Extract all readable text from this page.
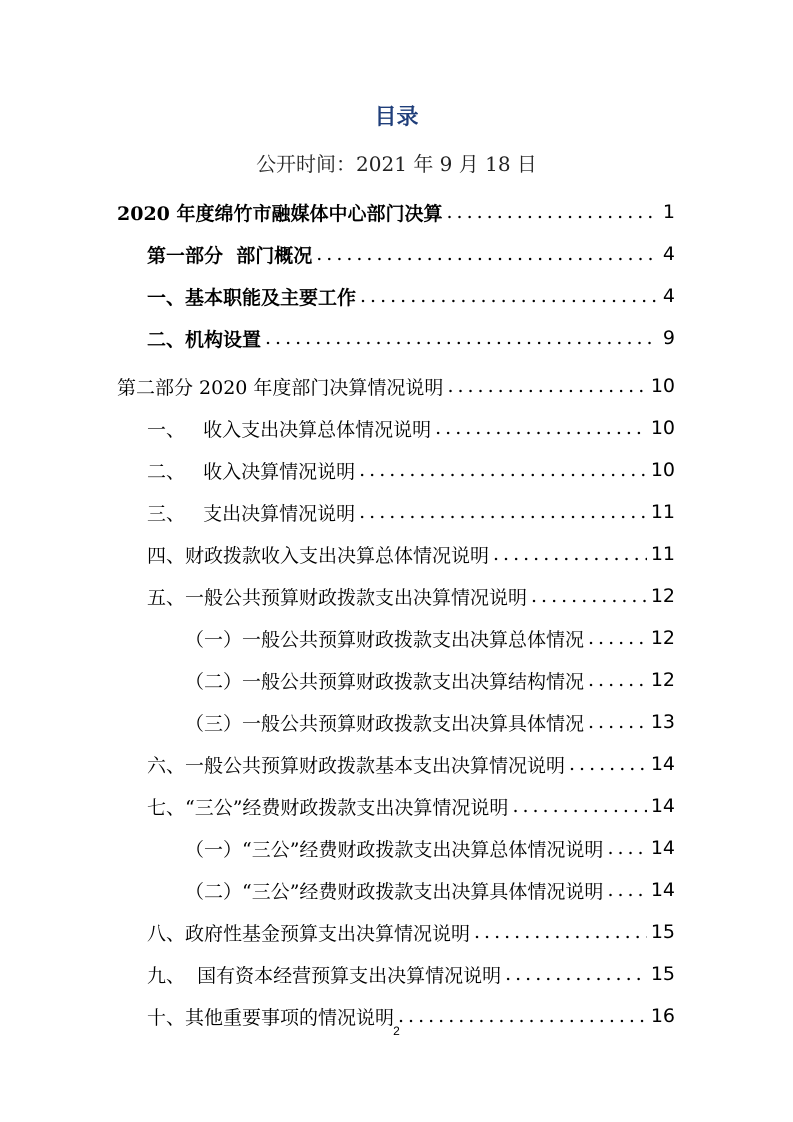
目录
公开时间：2021 年 9 月 18 日
2020 年度绵竹市融媒体中心部门决算 .....	1
第一部分  部门概况 .....	4
一、基本职能及主要工作 .....	4
二、机构设置 .....	9
第二部分 2020 年度部门决算情况说明 .....	10
一、   收入支出决算总体情况说明 .....	10
二、   收入决算情况说明 .....	10
三、   支出决算情况说明 .....	11
四、财政拨款收入支出决算总体情况说明 .....	11
五、一般公共预算财政拨款支出决算情况说明 .....	12
（一）一般公共预算财政拨款支出决算总体情况 .....	12
（二）一般公共预算财政拨款支出决算结构情况 .....	12
（三）一般公共预算财政拨款支出决算具体情况 .....	13
六、一般公共预算财政拨款基本支出决算情况说明 .....	14
七、“三公”经费财政拨款支出决算情况说明 .....	14
（一）“三公”经费财政拨款支出决算总体情况说明 ..... 14
（二）“三公”经费财政拨款支出决算具体情况说明 ..... 14
八、政府性基金预算支出决算情况说明 .....	15
九、  国有资本经营预算支出决算情况说明 .....	15
十、其他重要事项的情况说明 .....	16
2
